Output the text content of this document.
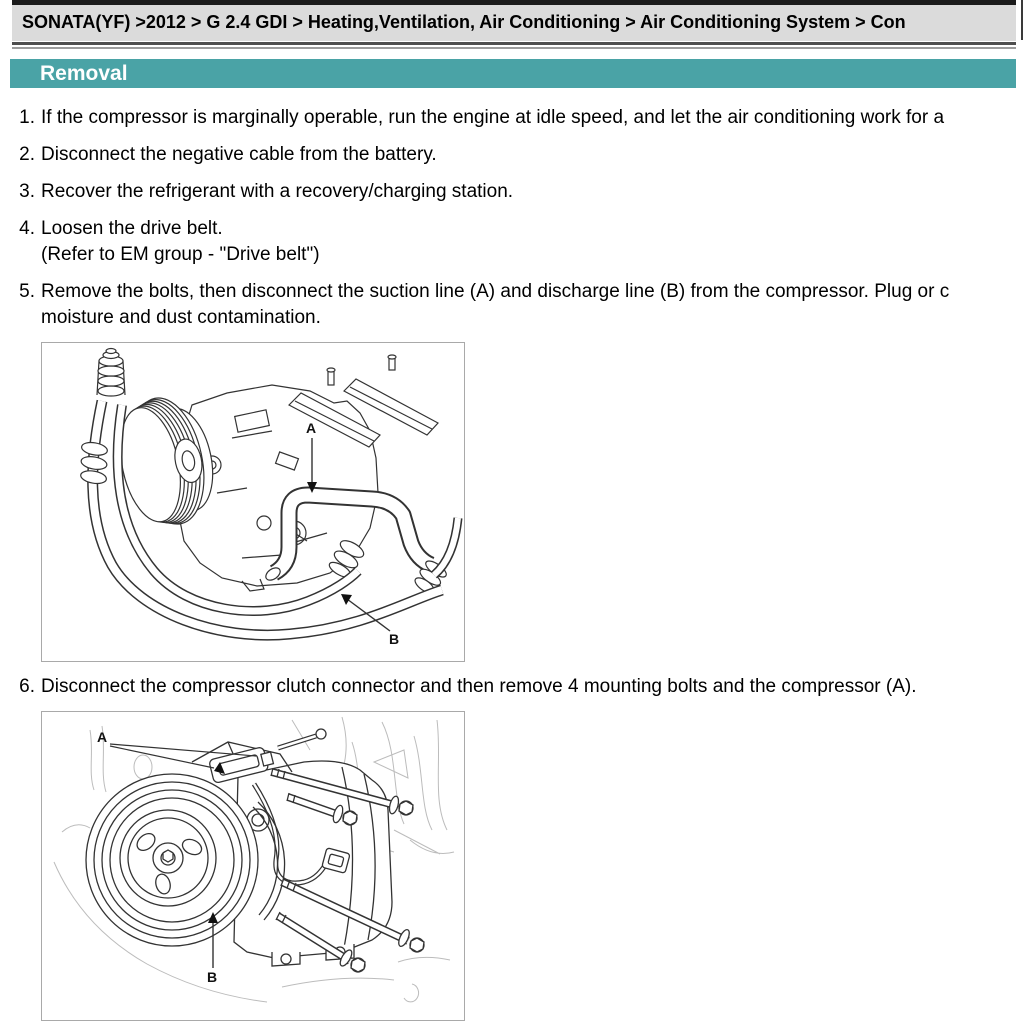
SONATA(YF) >2012 > G 2.4 GDI > Heating,Ventilation, Air Conditioning > Air Conditioning System > Con
Removal
1. If the compressor is marginally operable, run the engine at idle speed, and let the air conditioning work for a
2. Disconnect the negative cable from the battery.
3. Recover the refrigerant with a recovery/charging station.
4. Loosen the drive belt.
(Refer to EM group - "Drive belt")
5. Remove the bolts, then disconnect the suction line (A) and discharge line (B) from the compressor. Plug or c
moisture and dust contamination.
A
B
6. Disconnect the compressor clutch connector and then remove 4 mounting bolts and the compressor (A).
A
B
